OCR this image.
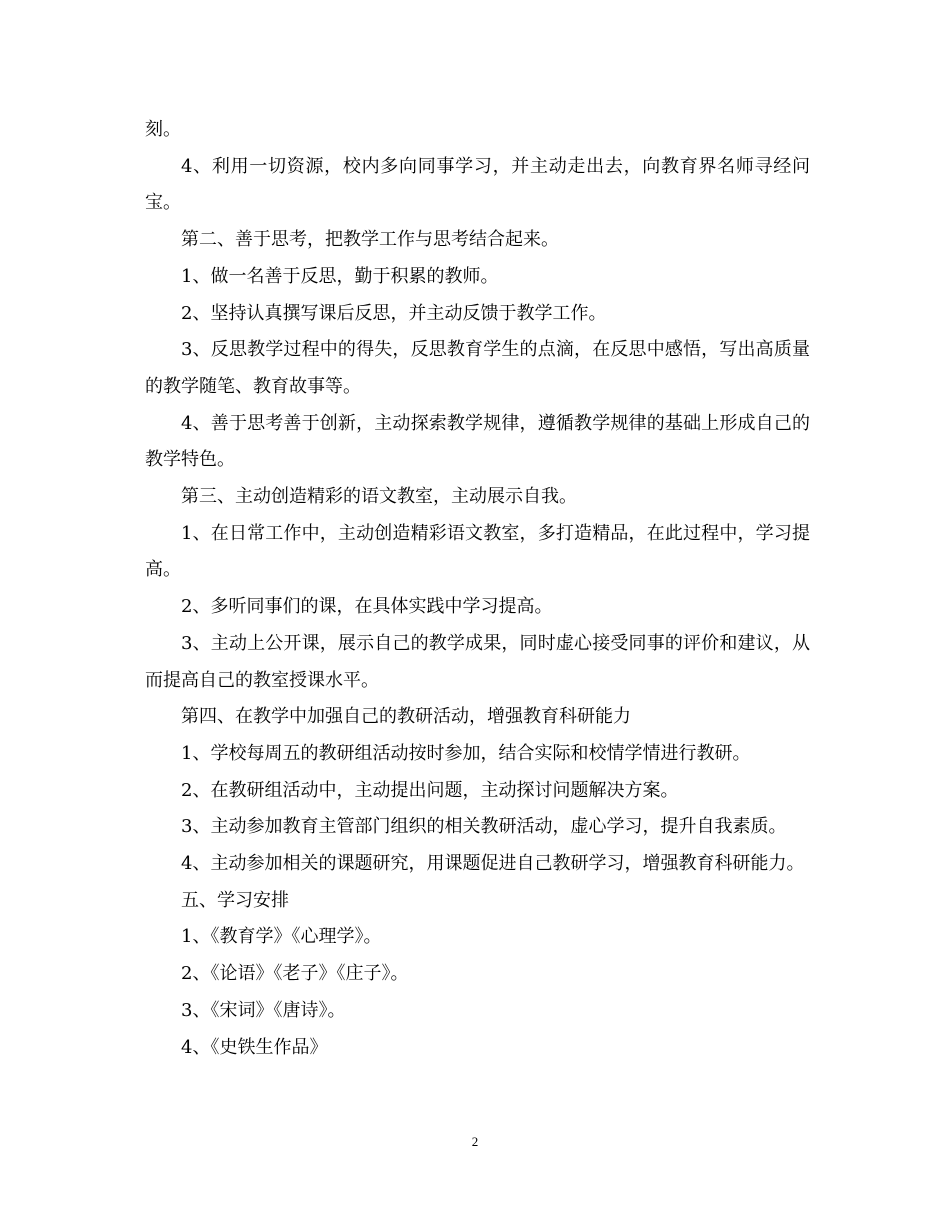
刻。

4、利用一切资源，校内多向同事学习，并主动走出去，向教育界名师寻经问宝。

第二、善于思考，把教学工作与思考结合起来。

1、做一名善于反思，勤于积累的教师。

2、坚持认真撰写课后反思，并主动反馈于教学工作。

3、反思教学过程中的得失，反思教育学生的点滴，在反思中感悟，写出高质量的教学随笔、教育故事等。

4、善于思考善于创新，主动探索教学规律，遵循教学规律的基础上形成自己的教学特色。

第三、主动创造精彩的语文教室，主动展示自我。

1、在日常工作中，主动创造精彩语文教室，多打造精品，在此过程中，学习提高。

2、多听同事们的课，在具体实践中学习提高。

3、主动上公开课，展示自己的教学成果，同时虚心接受同事的评价和建议，从而提高自己的教室授课水平。

第四、在教学中加强自己的教研活动，增强教育科研能力

1、学校每周五的教研组活动按时参加，结合实际和校情学情进行教研。

2、在教研组活动中，主动提出问题，主动探讨问题解决方案。

3、主动参加教育主管部门组织的相关教研活动，虚心学习，提升自我素质。

4、主动参加相关的课题研究，用课题促进自己教研学习，增强教育科研能力。

五、学习安排

1、《教育学》《心理学》。

2、《论语》《老子》《庄子》。

3、《宋词》《唐诗》。

4、《史铁生作品》

2
